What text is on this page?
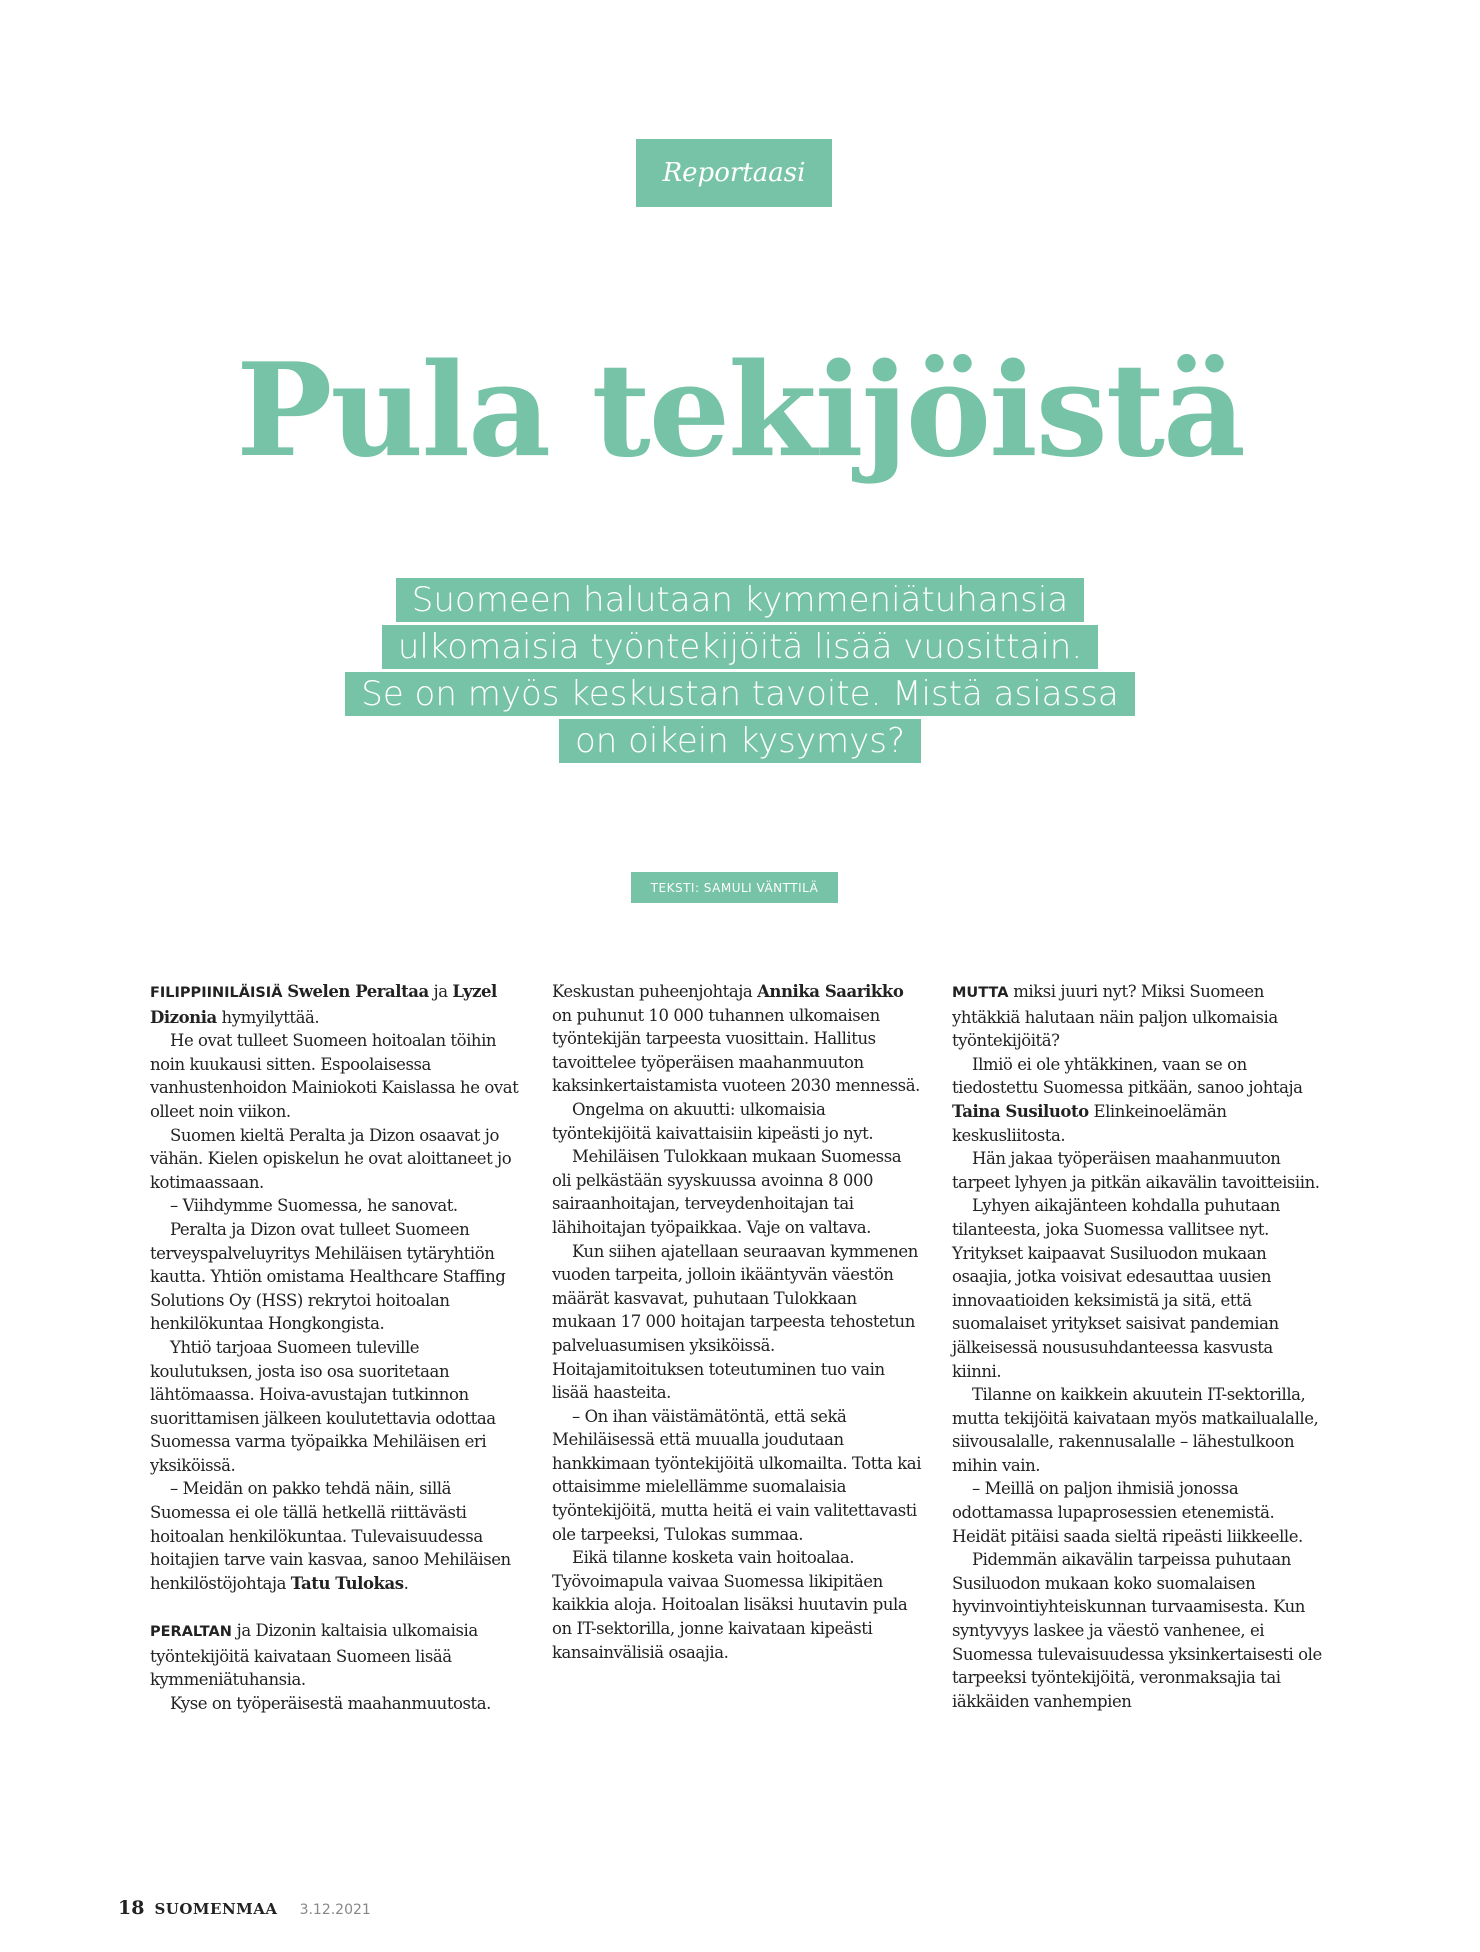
Reportaasi
Pula tekijöistä
Suomeen halutaan kymmeniätuhansia
ulkomaisia työntekijöitä lisää vuosittain.
Se on myös keskustan tavoite. Mistä asiassa
on oikein kysymys?
TEKSTI: SAMULI VÄNTTILÄ

FILIPPIINILÄISIÄ Swelen Peraltaa ja Lyzel Dizonia hymyilyttää.

He ovat tulleet Suomeen hoitoalan töihin noin kuukausi sitten. Espoolaisessa vanhustenhoidon Mainiokoti Kaislassa he ovat olleet noin viikon.

Suomen kieltä Peralta ja Dizon osaavat jo vähän. Kielen opiskelun he ovat aloittaneet jo kotimaassaan.

– Viihdymme Suomessa, he sanovat.

Peralta ja Dizon ovat tulleet Suomeen terveyspalveluyritys Mehiläisen tytäryhtiön kautta. Yhtiön omistama Healthcare Staffing Solutions Oy (HSS) rekrytoi hoitoalan henkilökuntaa Hongkongista.

Yhtiö tarjoaa Suomeen tuleville koulutuksen, josta iso osa suoritetaan lähtömaassa. Hoiva-avustajan tutkinnon suorittamisen jälkeen koulutettavia odottaa Suomessa varma työpaikka Mehiläisen eri yksiköissä.

– Meidän on pakko tehdä näin, sillä Suomessa ei ole tällä hetkellä riittävästi hoitoalan henkilökuntaa. Tulevaisuudessa hoitajien tarve vain kasvaa, sanoo Mehiläisen henkilöstöjohtaja Tatu Tulokas.

PERALTAN ja Dizonin kaltaisia ulkomaisia työntekijöitä kaivataan Suomeen lisää kymmeniätuhansia.

Kyse on työperäisestä maahanmuutosta.

Keskustan puheenjohtaja Annika Saarikko on puhunut 10 000 tuhannen ulkomaisen työntekijän tarpeesta vuosittain. Hallitus tavoittelee työperäisen maahanmuuton kaksinkertaistamista vuoteen 2030 mennessä.

Ongelma on akuutti: ulkomaisia työntekijöitä kaivattaisiin kipeästi jo nyt.

Mehiläisen Tulokkaan mukaan Suomessa oli pelkästään syyskuussa avoinna 8 000 sairaanhoitajan, terveydenhoitajan tai lähihoitajan työpaikkaa. Vaje on valtava.

Kun siihen ajatellaan seuraavan kymmenen vuoden tarpeita, jolloin ikääntyvän väestön määrät kasvavat, puhutaan Tulokkaan mukaan 17 000 hoitajan tarpeesta tehostetun palveluasumisen yksiköissä. Hoitajamitoituksen toteutuminen tuo vain lisää haasteita.

– On ihan väistämätöntä, että sekä Mehiläisessä että muualla joudutaan hankkimaan työntekijöitä ulkomailta. Totta kai ottaisimme mielellämme suomalaisia työntekijöitä, mutta heitä ei vain valitettavasti ole tarpeeksi, Tulokas summaa.

Eikä tilanne kosketa vain hoitoalaa. Työvoimapula vaivaa Suomessa likipitäen kaikkia aloja. Hoitoalan lisäksi huutavin pula on IT-sektorilla, jonne kaivataan kipeästi kansainvälisiä osaajia.

MUTTA miksi juuri nyt? Miksi Suomeen yhtäkkiä halutaan näin paljon ulkomaisia työntekijöitä?

Ilmiö ei ole yhtäkkinen, vaan se on tiedostettu Suomessa pitkään, sanoo johtaja Taina Susiluoto Elinkeinoelämän keskusliitosta.

Hän jakaa työperäisen maahanmuuton tarpeet lyhyen ja pitkän aikavälin tavoitteisiin.

Lyhyen aikajänteen kohdalla puhutaan tilanteesta, joka Suomessa vallitsee nyt. Yritykset kaipaavat Susiluodon mukaan osaajia, jotka voisivat edesauttaa uusien innovaatioiden keksimistä ja sitä, että suomalaiset yritykset saisivat pandemian jälkeisessä noususuhdanteessa kasvusta kiinni.

Tilanne on kaikkein akuutein IT-sektorilla, mutta tekijöitä kaivataan myös matkailualalle, siivousalalle, rakennusalalle – lähestulkoon mihin vain.

– Meillä on paljon ihmisiä jonossa odottamassa lupaprosessien etenemistä. Heidät pitäisi saada sieltä ripeästi liikkeelle.

Pidemmän aikavälin tarpeissa puhutaan Susiluodon mukaan koko suomalaisen hyvinvointiyhteiskunnan turvaamisesta. Kun syntyvyys laskee ja väestö vanhenee, ei Suomessa tulevaisuudessa yksinkertaisesti ole tarpeeksi työntekijöitä, veronmaksajia tai iäkkäiden vanhempien

18 SUOMENMAA 3.12.2021
